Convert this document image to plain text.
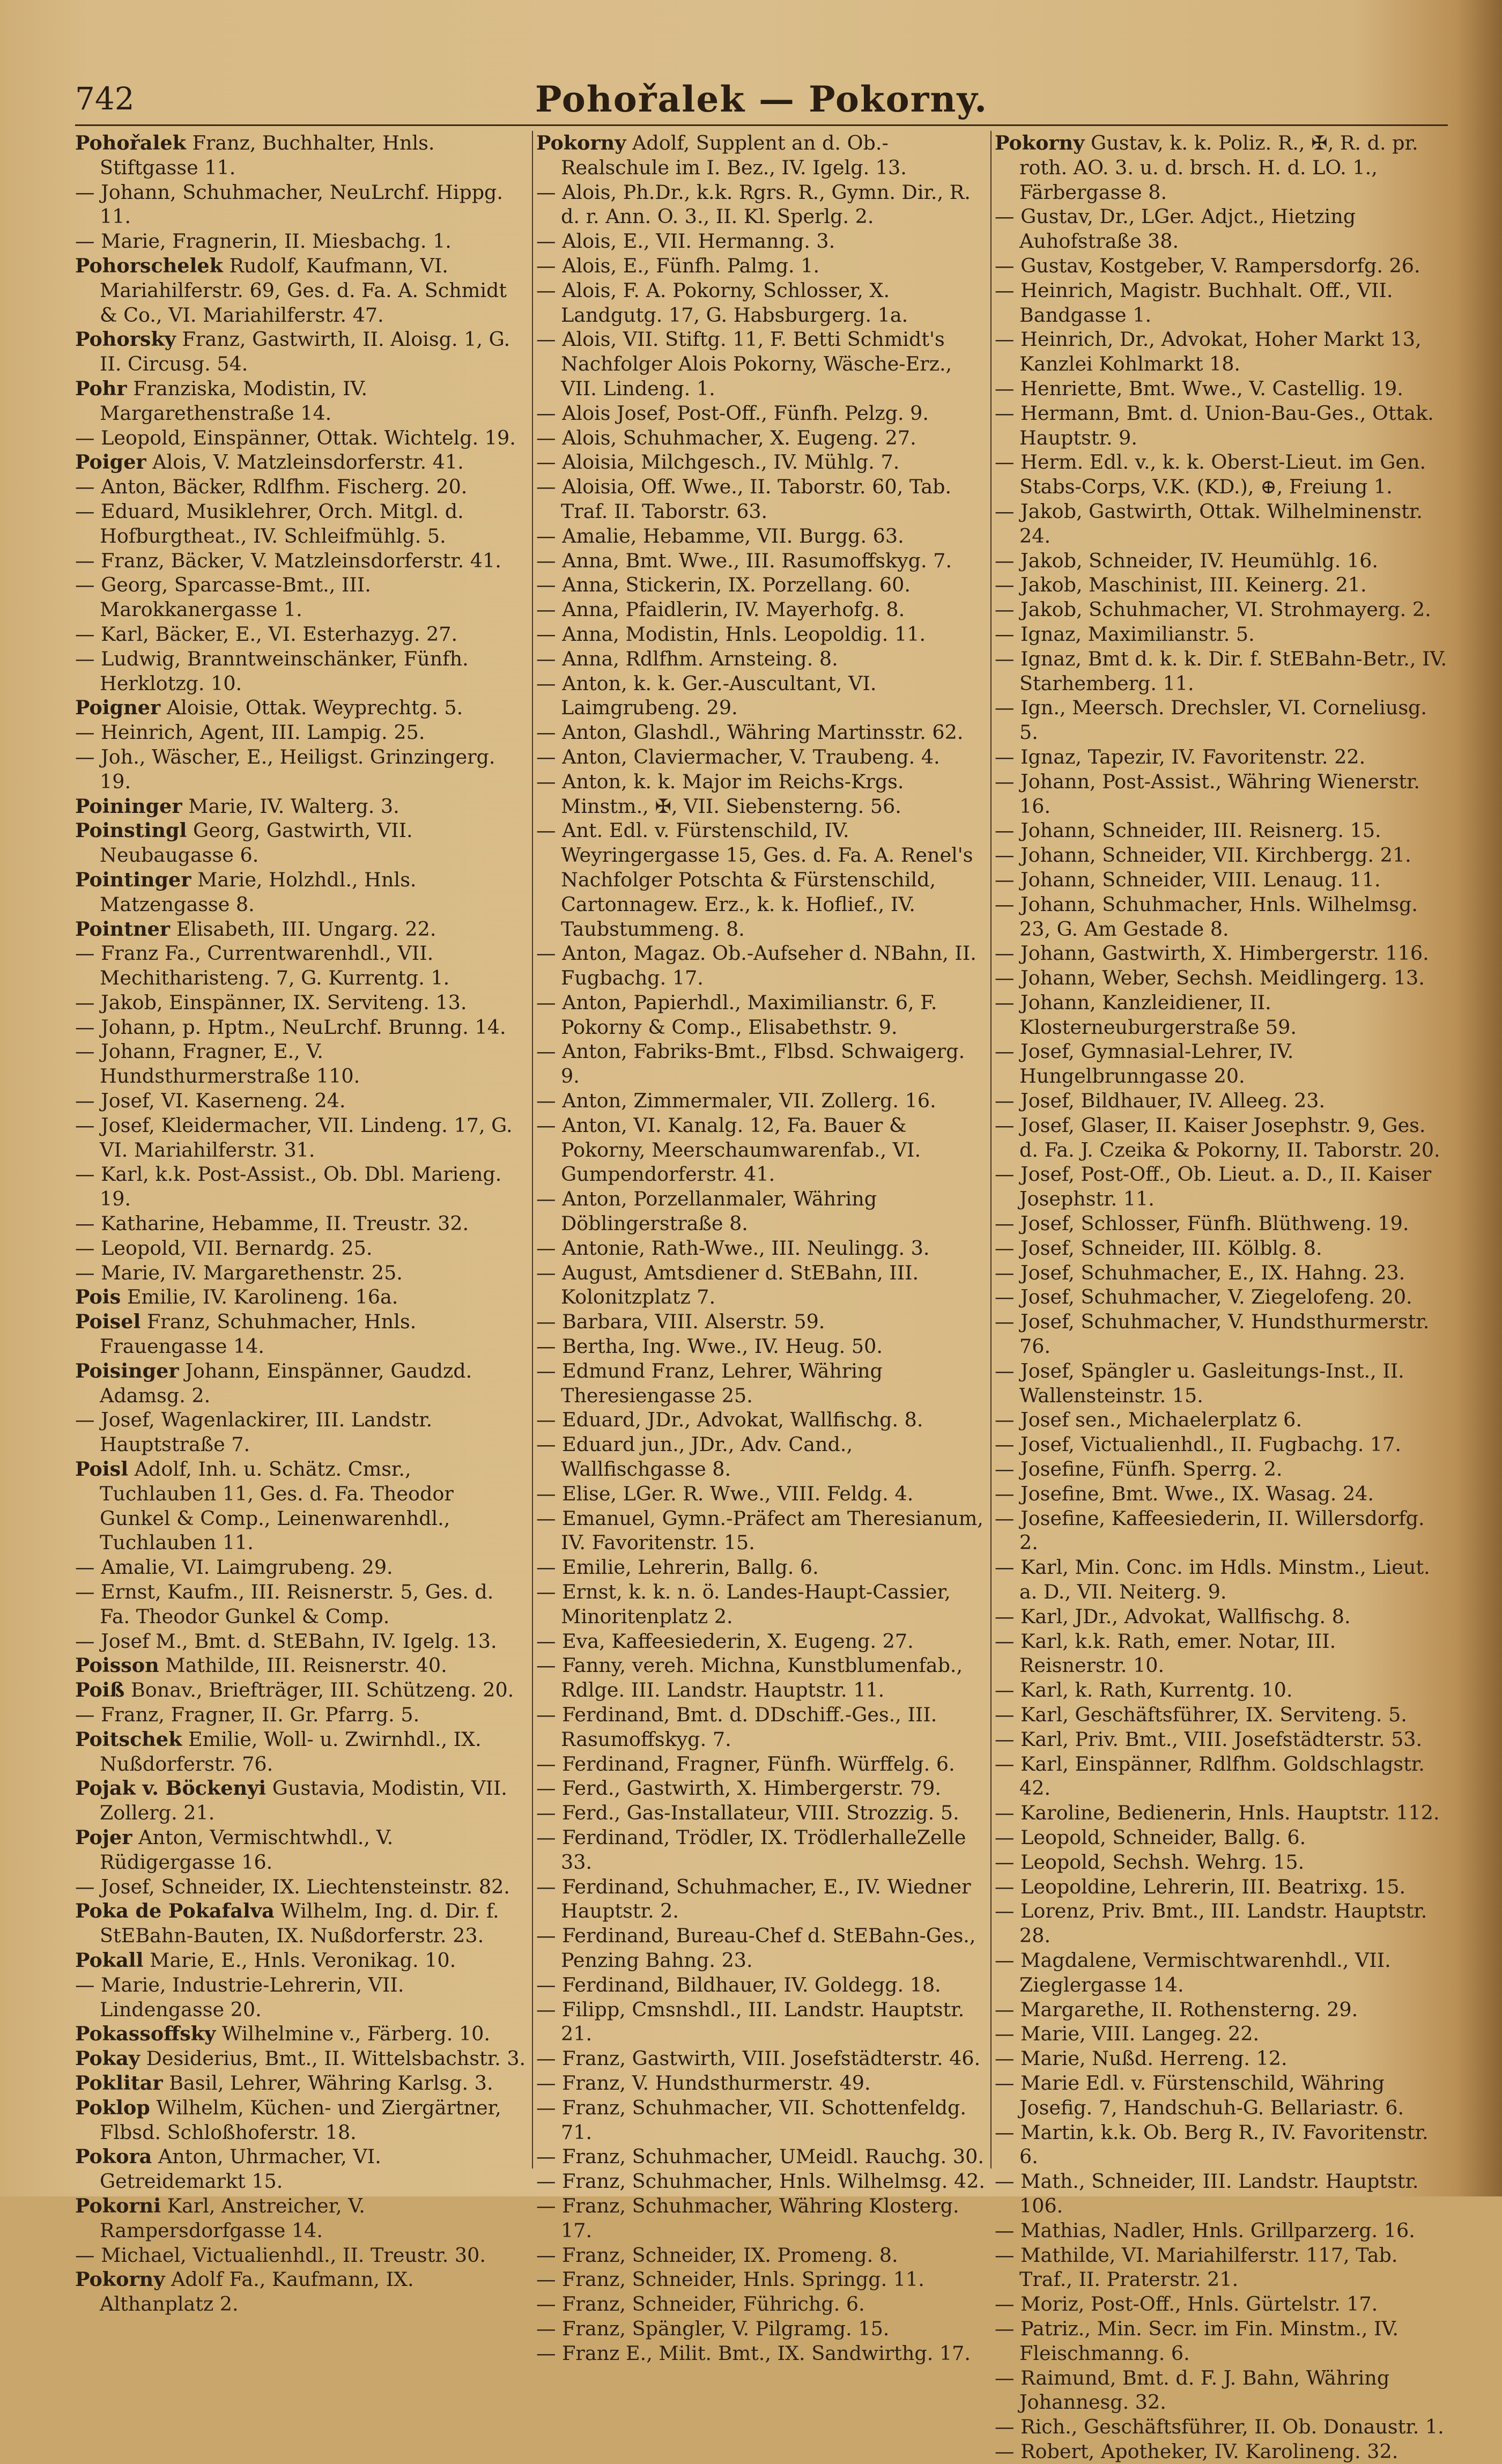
742	Pohořalek — Pokorny.
Pohořalek Franz, Buchhalter, Hnls. Stiftgasse 11.
— Johann, Schuhmacher, NeuLrchf. Hippg. 11.
— Marie, Fragnerin, II. Miesbachg. 1.
Pohorschelek Rudolf, Kaufmann, VI. Mariahilferstr. 69, Ges. d. Fa. A. Schmidt & Co., VI. Mariahilferstr. 47.
Pohorsky Franz, Gastwirth, II. Aloisg. 1, G. II. Circusg. 54.
Pohr Franziska, Modistin, IV. Margarethenstraße 14.
— Leopold, Einspänner, Ottak. Wichtelg. 19.
Poiger Alois, V. Matzleinsdorferstr. 41.
— Anton, Bäcker, Rdlfhm. Fischerg. 20.
— Eduard, Musiklehrer, Orch. Mitgl. d. Hofburgtheat., IV. Schleifmühlg. 5.
— Franz, Bäcker, V. Matzleinsdorferstr. 41.
— Georg, Sparcasse-Bmt., III. Marokkanergasse 1.
— Karl, Bäcker, E., VI. Esterhazyg. 27.
— Ludwig, Branntweinschänker, Fünfh. Herklotzg. 10.
Poigner Aloisie, Ottak. Weyprechtg. 5.
— Heinrich, Agent, III. Lampig. 25.
— Joh., Wäscher, E., Heiligst. Grinzingerg. 19.
Poininger Marie, IV. Walterg. 3.
Poinstingl Georg, Gastwirth, VII. Neubaugasse 6.
Pointinger Marie, Holzhdl., Hnls. Matzengasse 8.
Pointner Elisabeth, III. Ungarg. 22.
— Franz Fa., Currentwarenhdl., VII. Mechitharisteng. 7, G. Kurrentg. 1.
— Jakob, Einspänner, IX. Serviteng. 13.
— Johann, p. Hptm., NeuLrchf. Brunng. 14.
— Johann, Fragner, E., V. Hundsthurmerstraße 110.
— Josef, VI. Kaserneng. 24.
— Josef, Kleidermacher, VII. Lindeng. 17, G. VI. Mariahilferstr. 31.
— Karl, k.k. Post-Assist., Ob. Dbl. Marieng. 19.
— Katharine, Hebamme, II. Treustr. 32.
— Leopold, VII. Bernardg. 25.
— Marie, IV. Margarethenstr. 25.
Pois Emilie, IV. Karolineng. 16a.
Poisel Franz, Schuhmacher, Hnls. Frauengasse 14.
Poisinger Johann, Einspänner, Gaudzd. Adamsg. 2.
— Josef, Wagenlackirer, III. Landstr. Hauptstraße 7.
Poisl Adolf, Inh. u. Schätz. Cmsr., Tuchlauben 11, Ges. d. Fa. Theodor Gunkel & Comp., Leinenwarenhdl., Tuchlauben 11.
— Amalie, VI. Laimgrubeng. 29.
— Ernst, Kaufm., III. Reisnerstr. 5, Ges. d. Fa. Theodor Gunkel & Comp.
— Josef M., Bmt. d. StEBahn, IV. Igelg. 13.
Poisson Mathilde, III. Reisnerstr. 40.
Poiß Bonav., Briefträger, III. Schützeng. 20.
— Franz, Fragner, II. Gr. Pfarrg. 5.
Poitschek Emilie, Woll- u. Zwirnhdl., IX. Nußdorferstr. 76.
Pojak v. Böckenyi Gustavia, Modistin, VII. Zollerg. 21.
Pojer Anton, Vermischtwhdl., V. Rüdigergasse 16.
— Josef, Schneider, IX. Liechtensteinstr. 82.
Poka de Pokafalva Wilhelm, Ing. d. Dir. f. StEBahn-Bauten, IX. Nußdorferstr. 23.
Pokall Marie, E., Hnls. Veronikag. 10.
— Marie, Industrie-Lehrerin, VII. Lindengasse 20.
Pokassoffsky Wilhelmine v., Färberg. 10.
Pokay Desiderius, Bmt., II. Wittelsbachstr. 3.
Poklitar Basil, Lehrer, Währing Karlsg. 3.
Poklop Wilhelm, Küchen- und Ziergärtner, Flbsd. Schloßhoferstr. 18.
Pokora Anton, Uhrmacher, VI. Getreidemarkt 15.
Pokorni Karl, Anstreicher, V. Rampersdorfgasse 14.
— Michael, Victualienhdl., II. Treustr. 30.
Pokorny Adolf Fa., Kaufmann, IX. Althanplatz 2.
Pokorny Adolf, Supplent an d. Ob.-Realschule im I. Bez., IV. Igelg. 13.
— Alois, Ph.Dr., k.k. Rgrs. R., Gymn. Dir., R. d. r. Ann. O. 3., II. Kl. Sperlg. 2.
— Alois, E., VII. Hermanng. 3.
— Alois, E., Fünfh. Palmg. 1.
— Alois, F. A. Pokorny, Schlosser, X. Landgutg. 17, G. Habsburgerg. 1a.
— Alois, VII. Stiftg. 11, F. Betti Schmidt's Nachfolger Alois Pokorny, Wäsche-Erz., VII. Lindeng. 1.
— Alois Josef, Post-Off., Fünfh. Pelzg. 9.
— Alois, Schuhmacher, X. Eugeng. 27.
— Aloisia, Milchgesch., IV. Mühlg. 7.
— Aloisia, Off. Wwe., II. Taborstr. 60, Tab. Traf. II. Taborstr. 63.
— Amalie, Hebamme, VII. Burgg. 63.
— Anna, Bmt. Wwe., III. Rasumoffskyg. 7.
— Anna, Stickerin, IX. Porzellang. 60.
— Anna, Pfaidlerin, IV. Mayerhofg. 8.
— Anna, Modistin, Hnls. Leopoldig. 11.
— Anna, Rdlfhm. Arnsteing. 8.
— Anton, k. k. Ger.-Auscultant, VI. Laimgrubeng. 29.
— Anton, Glashdl., Währing Martinsstr. 62.
— Anton, Claviermacher, V. Traubeng. 4.
— Anton, k. k. Major im Reichs-Krgs. Minstm., ✠, VII. Siebensterng. 56.
— Ant. Edl. v. Fürstenschild, IV. Weyringergasse 15, Ges. d. Fa. A. Renel's Nachfolger Potschta & Fürstenschild, Cartonnagew. Erz., k. k. Hoflief., IV. Taubstummeng. 8.
— Anton, Magaz. Ob.-Aufseher d. NBahn, II. Fugbachg. 17.
— Anton, Papierhdl., Maximilianstr. 6, F. Pokorny & Comp., Elisabethstr. 9.
— Anton, Fabriks-Bmt., Flbsd. Schwaigerg. 9.
— Anton, Zimmermaler, VII. Zollerg. 16.
— Anton, VI. Kanalg. 12, Fa. Bauer & Pokorny, Meerschaumwarenfab., VI. Gumpendorferstr. 41.
— Anton, Porzellanmaler, Währing Döblingerstraße 8.
— Antonie, Rath-Wwe., III. Neulingg. 3.
— August, Amtsdiener d. StEBahn, III. Kolonitzplatz 7.
— Barbara, VIII. Alserstr. 59.
— Bertha, Ing. Wwe., IV. Heug. 50.
— Edmund Franz, Lehrer, Währing Theresiengasse 25.
— Eduard, JDr., Advokat, Wallfischg. 8.
— Eduard jun., JDr., Adv. Cand., Wallfischgasse 8.
— Elise, LGer. R. Wwe., VIII. Feldg. 4.
— Emanuel, Gymn.-Präfect am Theresianum, IV. Favoritenstr. 15.
— Emilie, Lehrerin, Ballg. 6.
— Ernst, k. k. n. ö. Landes-Haupt-Cassier, Minoritenplatz 2.
— Eva, Kaffeesiederin, X. Eugeng. 27.
— Fanny, vereh. Michna, Kunstblumenfab., Rdlge. III. Landstr. Hauptstr. 11.
— Ferdinand, Bmt. d. DDschiff.-Ges., III. Rasumoffskyg. 7.
— Ferdinand, Fragner, Fünfh. Würffelg. 6.
— Ferd., Gastwirth, X. Himbergerstr. 79.
— Ferd., Gas-Installateur, VIII. Strozzig. 5.
— Ferdinand, Trödler, IX. TrödlerhalleZelle 33.
— Ferdinand, Schuhmacher, E., IV. Wiedner Hauptstr. 2.
— Ferdinand, Bureau-Chef d. StEBahn-Ges., Penzing Bahng. 23.
— Ferdinand, Bildhauer, IV. Goldegg. 18.
— Filipp, Cmsnshdl., III. Landstr. Hauptstr. 21.
— Franz, Gastwirth, VIII. Josefstädterstr. 46.
— Franz, V. Hundsthurmerstr. 49.
— Franz, Schuhmacher, VII. Schottenfeldg. 71.
— Franz, Schuhmacher, UMeidl. Rauchg. 30.
— Franz, Schuhmacher, Hnls. Wilhelmsg. 42.
— Franz, Schuhmacher, Währing Klosterg. 17.
— Franz, Schneider, IX. Promeng. 8.
— Franz, Schneider, Hnls. Springg. 11.
— Franz, Schneider, Führichg. 6.
— Franz, Spängler, V. Pilgramg. 15.
— Franz E., Milit. Bmt., IX. Sandwirthg. 17.
Pokorny Gustav, k. k. Poliz. R., ✠, R. d. pr. roth. AO. 3. u. d. brsch. H. d. LO. 1., Färbergasse 8.
— Gustav, Dr., LGer. Adjct., Hietzing Auhofstraße 38.
— Gustav, Kostgeber, V. Rampersdorfg. 26.
— Heinrich, Magistr. Buchhalt. Off., VII. Bandgasse 1.
— Heinrich, Dr., Advokat, Hoher Markt 13, Kanzlei Kohlmarkt 18.
— Henriette, Bmt. Wwe., V. Castellig. 19.
— Hermann, Bmt. d. Union-Bau-Ges., Ottak. Hauptstr. 9.
— Herm. Edl. v., k. k. Oberst-Lieut. im Gen. Stabs-Corps, V.K. (KD.), ⊕, Freiung 1.
— Jakob, Gastwirth, Ottak. Wilhelminenstr. 24.
— Jakob, Schneider, IV. Heumühlg. 16.
— Jakob, Maschinist, III. Keinerg. 21.
— Jakob, Schuhmacher, VI. Strohmayerg. 2.
— Ignaz, Maximilianstr. 5.
— Ignaz, Bmt d. k. k. Dir. f. StEBahn-Betr., IV. Starhemberg. 11.
— Ign., Meersch. Drechsler, VI. Corneliusg. 5.
— Ignaz, Tapezir, IV. Favoritenstr. 22.
— Johann, Post-Assist., Währing Wienerstr. 16.
— Johann, Schneider, III. Reisnerg. 15.
— Johann, Schneider, VII. Kirchbergg. 21.
— Johann, Schneider, VIII. Lenaug. 11.
— Johann, Schuhmacher, Hnls. Wilhelmsg. 23, G. Am Gestade 8.
— Johann, Gastwirth, X. Himbergerstr. 116.
— Johann, Weber, Sechsh. Meidlingerg. 13.
— Johann, Kanzleidiener, II. Klosterneuburgerstraße 59.
— Josef, Gymnasial-Lehrer, IV. Hungelbrunngasse 20.
— Josef, Bildhauer, IV. Alleeg. 23.
— Josef, Glaser, II. Kaiser Josephstr. 9, Ges. d. Fa. J. Czeika & Pokorny, II. Taborstr. 20.
— Josef, Post-Off., Ob. Lieut. a. D., II. Kaiser Josephstr. 11.
— Josef, Schlosser, Fünfh. Blüthweng. 19.
— Josef, Schneider, III. Kölblg. 8.
— Josef, Schuhmacher, E., IX. Hahng. 23.
— Josef, Schuhmacher, V. Ziegelofeng. 20.
— Josef, Schuhmacher, V. Hundsthurmerstr. 76.
— Josef, Spängler u. Gasleitungs-Inst., II. Wallensteinstr. 15.
— Josef sen., Michaelerplatz 6.
— Josef, Victualienhdl., II. Fugbachg. 17.
— Josefine, Fünfh. Sperrg. 2.
— Josefine, Bmt. Wwe., IX. Wasag. 24.
— Josefine, Kaffeesiederin, II. Willersdorfg. 2.
— Karl, Min. Conc. im Hdls. Minstm., Lieut. a. D., VII. Neiterg. 9.
— Karl, JDr., Advokat, Wallfischg. 8.
— Karl, k.k. Rath, emer. Notar, III. Reisnerstr. 10.
— Karl, k. Rath, Kurrentg. 10.
— Karl, Geschäftsführer, IX. Serviteng. 5.
— Karl, Priv. Bmt., VIII. Josefstädterstr. 53.
— Karl, Einspänner, Rdlfhm. Goldschlagstr. 42.
— Karoline, Bedienerin, Hnls. Hauptstr. 112.
— Leopold, Schneider, Ballg. 6.
— Leopold, Sechsh. Wehrg. 15.
— Leopoldine, Lehrerin, III. Beatrixg. 15.
— Lorenz, Priv. Bmt., III. Landstr. Hauptstr. 28.
— Magdalene, Vermischtwarenhdl., VII. Zieglergasse 14.
— Margarethe, II. Rothensterng. 29.
— Marie, VIII. Langeg. 22.
— Marie, Nußd. Herreng. 12.
— Marie Edl. v. Fürstenschild, Währing Josefig. 7, Handschuh-G. Bellariastr. 6.
— Martin, k.k. Ob. Berg R., IV. Favoritenstr. 6.
— Math., Schneider, III. Landstr. Hauptstr. 106.
— Mathias, Nadler, Hnls. Grillparzerg. 16.
— Mathilde, VI. Mariahilferstr. 117, Tab. Traf., II. Praterstr. 21.
— Moriz, Post-Off., Hnls. Gürtelstr. 17.
— Patriz., Min. Secr. im Fin. Minstm., IV. Fleischmanng. 6.
— Raimund, Bmt. d. F. J. Bahn, Währing Johannesg. 32.
— Rich., Geschäftsführer, II. Ob. Donaustr. 1.
— Robert, Apotheker, IV. Karolineng. 32.
